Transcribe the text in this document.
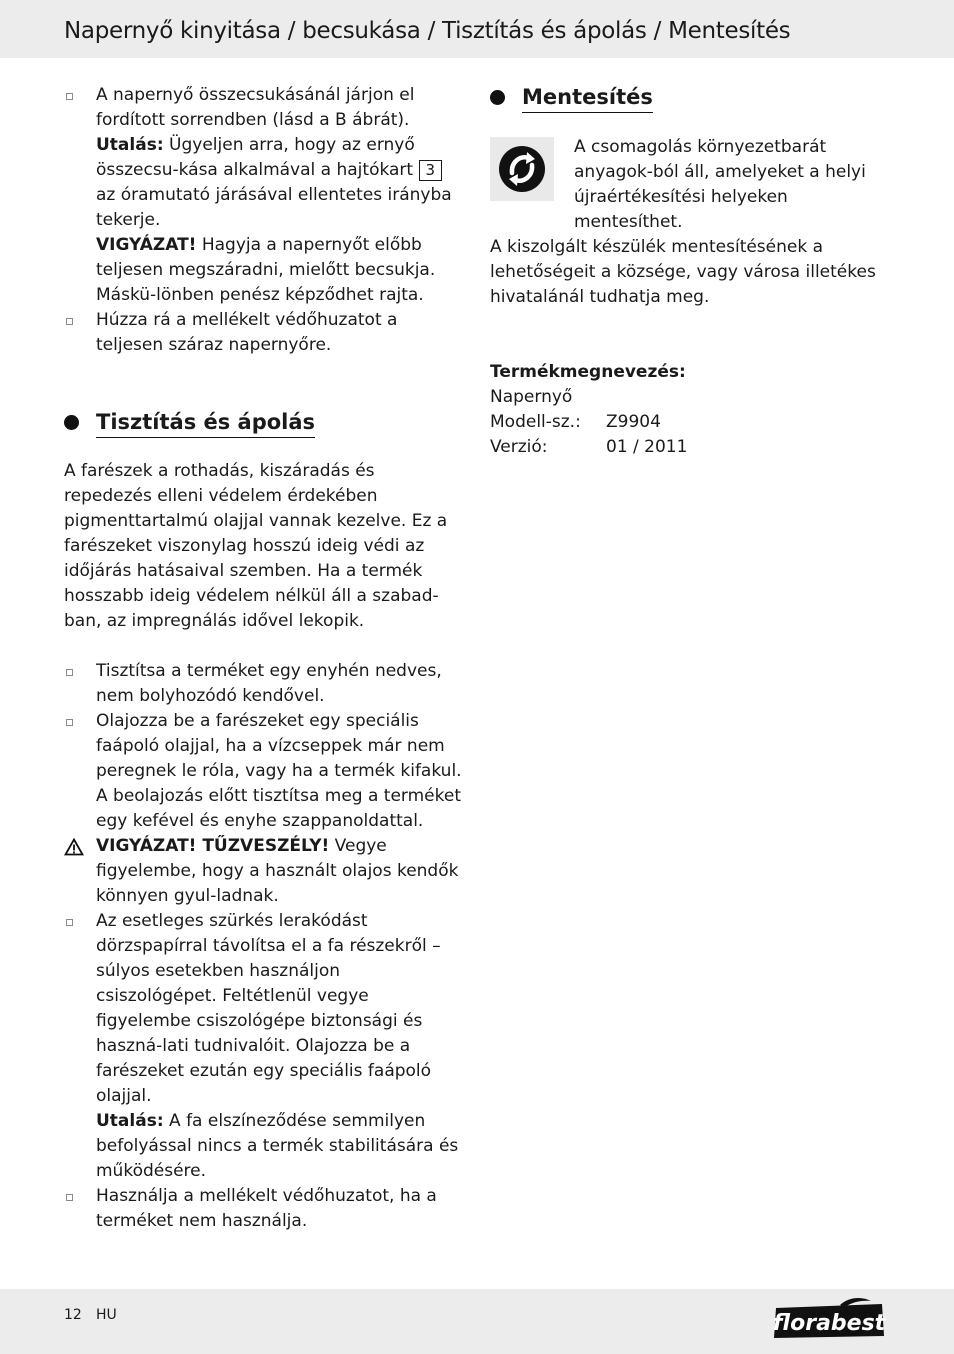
Napernyő kinyitása / becsukása / Tisztítás és ápolás / Mentesítés
A napernyő összecsukásánál járjon el fordított sorrendben (lásd a B ábrát).
Utalás: Ügyeljen arra, hogy az ernyő összecsu-kása alkalmával a hajtókart 3 az óramutató járásával ellentetes irányba tekerje.
VIGYÁZAT! Hagyja a napernyőt előbb teljesen megszáradni, mielőtt becsukja. Máskü-lönben penész képződhet rajta.
Húzza rá a mellékelt védőhuzatot a teljesen száraz napernyőre.
Tisztítás és ápolás

A farészek a rothadás, kiszáradás és repedezés elleni védelem érdekében pigmenttartalmú olajjal vannak kezelve. Ez a farészeket viszonylag hosszú ideig védi az időjárás hatásaival szemben. Ha a termék hosszabb ideig védelem nélkül áll a szabad-ban, az impregnálás idővel lekopik.

Tisztítsa a terméket egy enyhén nedves, nem bolyhozódó kendővel.
Olajozza be a farészeket egy speciális faápoló olajjal, ha a vízcseppek már nem peregnek le róla, vagy ha a termék kifakul. A beolajozás előtt tisztítsa meg a terméket egy kefével és enyhe szappanoldattal.
VIGYÁZAT! TŰZVESZÉLY! Vegye figyelembe, hogy a használt olajos kendők könnyen gyul-ladnak.
Az esetleges szürkés lerakódást dörzspapírral távolítsa el a fa részekről – súlyos esetekben használjon csiszológépet. Feltétlenül vegye figyelembe csiszológépe biztonsági és haszná-lati tudnivalóit. Olajozza be a farészeket ezután egy speciális faápoló olajjal.
Utalás: A fa elszíneződése semmilyen befolyással nincs a termék stabilitására és működésére.
Használja a mellékelt védőhuzatot, ha a terméket nem használja.
Mentesítés
A csomagolás környezetbarát anyagok-ból áll, amelyeket a helyi újraértékesítési helyeken mentesíthet.

A kiszolgált készülék mentesítésének a lehetőségeit a községe, vagy városa illetékes hivatalánál tudhatja meg.

Termékmegnevezés:
Napernyő
Modell-sz.:	Z9904
Verzió:	01 / 2011
12 HU	florabest
